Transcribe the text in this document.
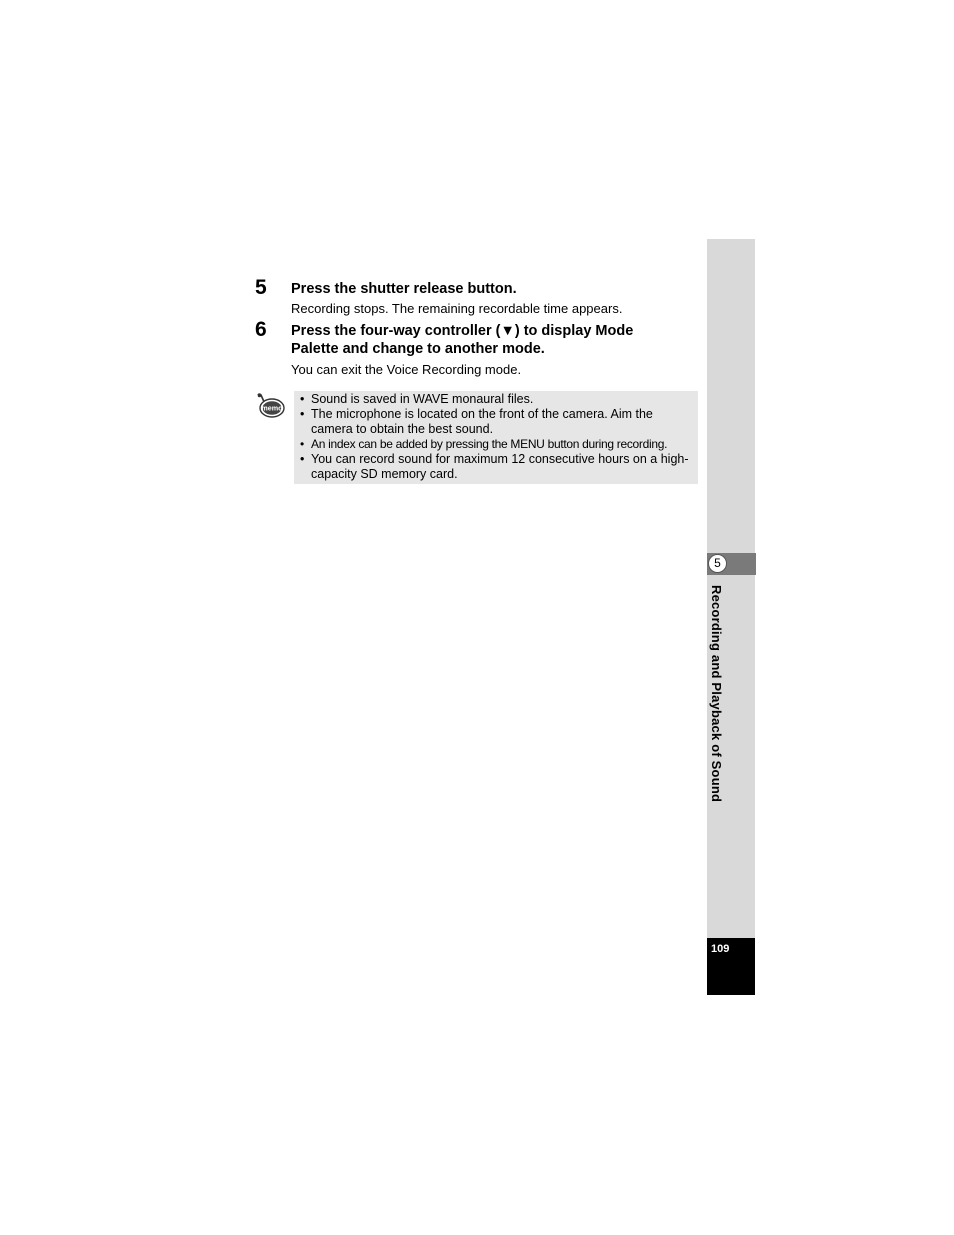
5 Press the shutter release button.
Recording stops. The remaining recordable time appears.
6 Press the four-way controller (▼) to display Mode
Palette and change to another mode.
You can exit the Voice Recording mode.
memo
• Sound is saved in WAVE monaural files.
• The microphone is located on the front of the camera. Aim the
camera to obtain the best sound.
• An index can be added by pressing the MENU button during recording.
• You can record sound for maximum 12 consecutive hours on a high-
capacity SD memory card.
5
Recording and Playback of Sound
109
